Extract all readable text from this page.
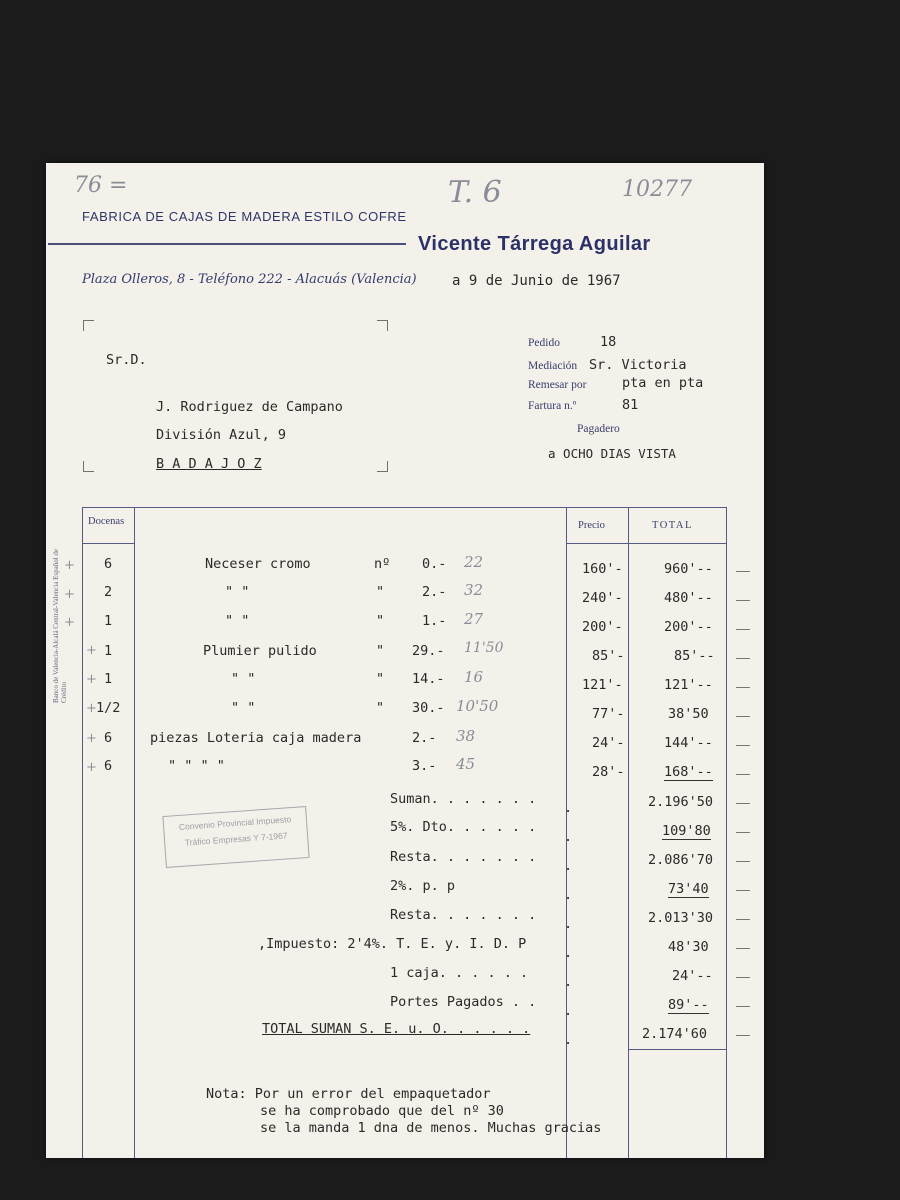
76 =	T. 6	10277
FABRICA DE CAJAS DE MADERA ESTILO COFRE
Vicente Tárrega Aguilar
Plaza Olleros, 8 - Teléfono 222 - Alacuás (Valencia)	a 9 de Junio de 1967
Sr.D.
J. Rodriguez de Campano
División Azul, 9
B A D A J O Z
Pedido	18
Mediación Sr. Victoria
Remesar por	pta en pta
Fartura n.º	81
Pagadero
a OCHO DIAS VISTA
Docenas	Precio	TOTAL
6	Neceser cromo	nº 0.- 22	160'-	960'--
2	" "	"	2.- 32	240'-	480'--
1	" "	"	1.- 27	200'-	200'--
1	Plumier pulido	" 29.- 11'50	85'-	85'--
1	" "	" 14.- 16	121'-	121'--
1/2	" "	" 30.- 10'50	77'-	38'50
6	piezas Loteria caja madera	2.- 38	24'-	144'--
6	" " " "	3.- 45	28'-	168'--
Suman. . . . . . .	2.196'50
5%. Dto. . . . . .	109'80
Resta. . . . . . .	2.086'70
2%. p. p	73'40
Resta. . . . . . .	2.013'30
,Impuesto: 2'4%. T. E. y. I. D. P	48'30
1 caja. . . . . .	24'--
Portes Pagados . .	89'--
TOTAL SUMAN S. E. u. O. . . . . .	2.174'60
.
.
.
.
.
.
.
.
.
Convenio Provincial Impuesto
Tráfico Empresas Y 7-1967
Banco de Valencia-Alcalá Central-Valencia Español de Crédito
+
+
+
+
+
+
+
+
Nota: Por un error del empaquetador
se ha comprobado que del nº 30
se la manda 1 dna de menos. Muchas gracias
